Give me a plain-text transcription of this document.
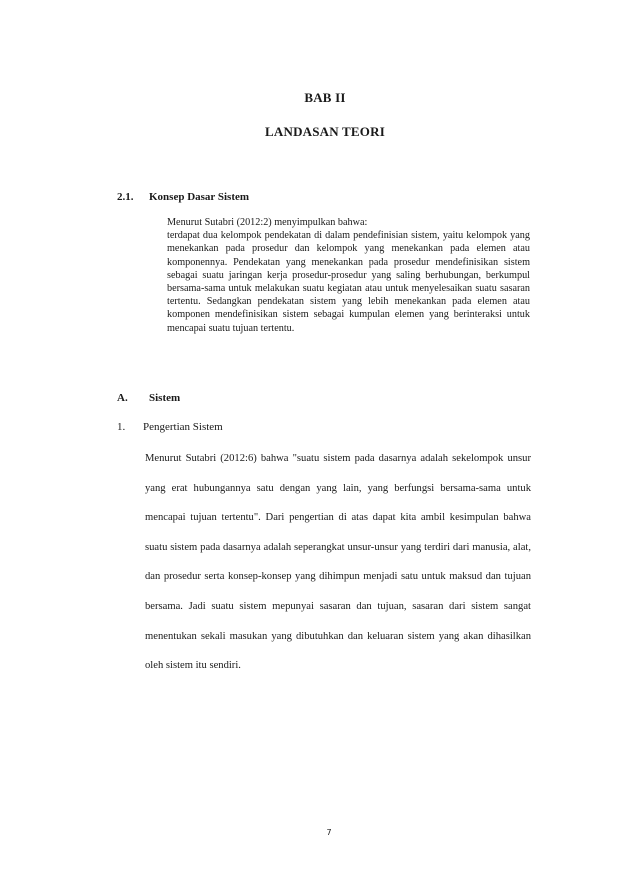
BAB II
LANDASAN TEORI
2.1. Konsep Dasar Sistem
Menurut Sutabri (2012:2) menyimpulkan bahwa:
terdapat dua kelompok pendekatan di dalam pendefinisian sistem, yaitu kelompok yang menekankan pada prosedur dan kelompok yang menekankan pada elemen atau komponennya. Pendekatan yang menekankan pada prosedur mendefinisikan sistem sebagai suatu jaringan kerja prosedur-prosedur yang saling berhubungan, berkumpul bersama-sama untuk melakukan suatu kegiatan atau untuk menyelesaikan suatu sasaran tertentu. Sedangkan pendekatan sistem yang lebih menekankan pada elemen atau komponen mendefinisikan sistem sebagai kumpulan elemen yang berinteraksi untuk mencapai suatu tujuan tertentu.
A. Sistem
1. Pengertian Sistem
Menurut Sutabri (2012:6) bahwa "suatu sistem pada dasarnya adalah sekelompok unsur yang erat hubungannya satu dengan yang lain, yang berfungsi bersama-sama untuk mencapai tujuan tertentu". Dari pengertian di atas dapat kita ambil kesimpulan bahwa suatu sistem pada dasarnya adalah seperangkat unsur-unsur yang terdiri dari manusia, alat, dan prosedur serta konsep-konsep yang dihimpun menjadi satu untuk maksud dan tujuan bersama. Jadi suatu sistem mepunyai sasaran dan tujuan, sasaran dari sistem sangat menentukan sekali masukan yang dibutuhkan dan keluaran sistem yang akan dihasilkan oleh sistem itu sendiri.
7
